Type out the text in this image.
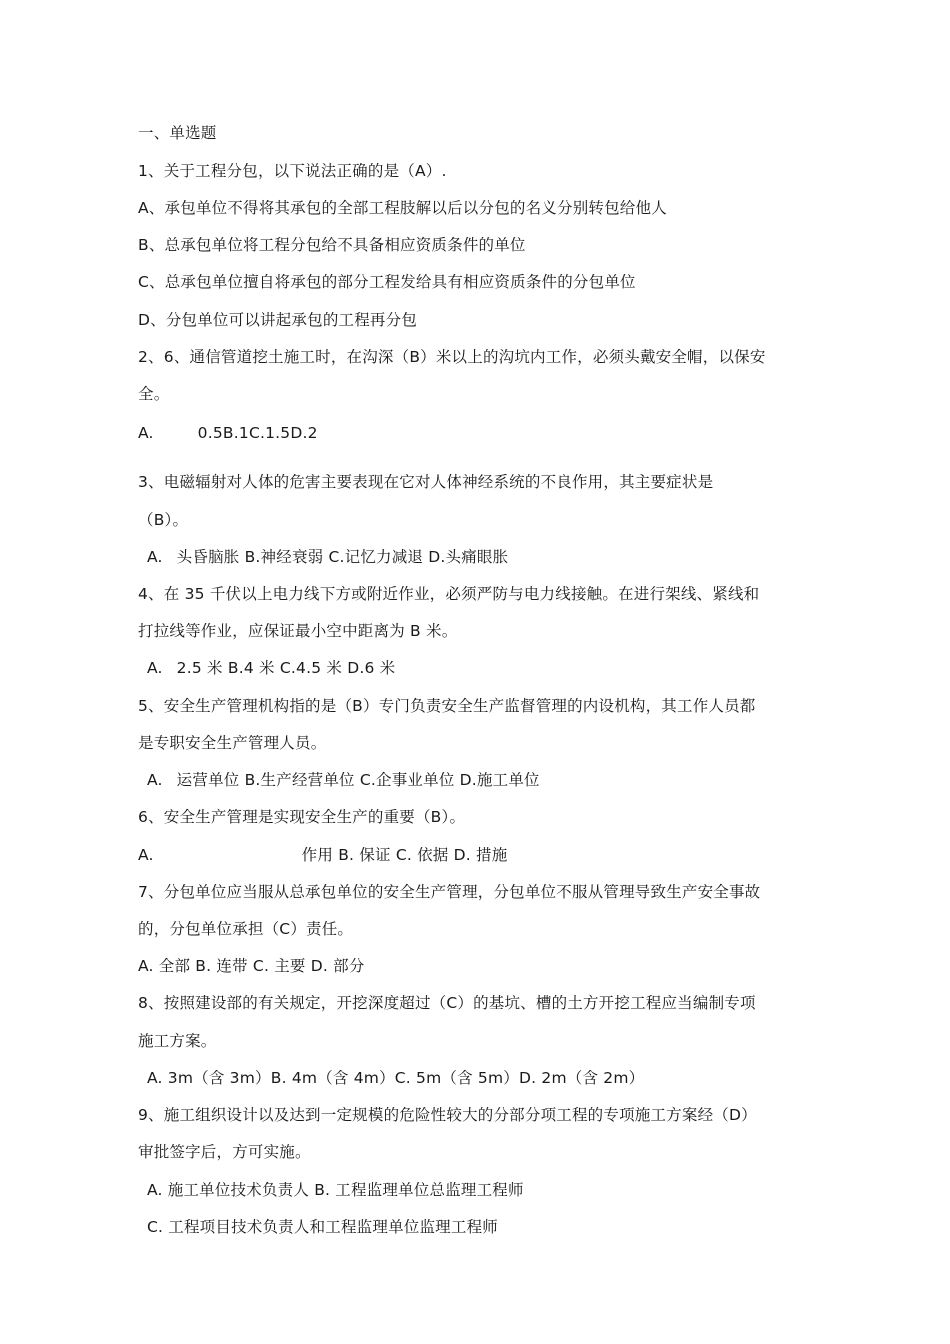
一、单选题
1、关于工程分包，以下说法正确的是（A）.
A、承包单位不得将其承包的全部工程肢解以后以分包的名义分别转包给他人
B、总承包单位将工程分包给不具备相应资质条件的单位
C、总承包单位擅自将承包的部分工程发给具有相应资质条件的分包单位
D、分包单位可以讲起承包的工程再分包
2、6、通信管道挖土施工时，在沟深（B）米以上的沟坑内工作，必须头戴安全帽，以保安
全。
A.	0.5B.1C.1.5D.2
3、电磁辐射对人体的危害主要表现在它对人体神经系统的不良作用，其主要症状是
（B）。
A. 头昏脑胀 B.神经衰弱 C.记忆力减退 D.头痛眼胀
4、在 35 千伏以上电力线下方或附近作业，必须严防与电力线接触。在进行架线、紧线和
打拉线等作业，应保证最小空中距离为 B 米。
A. 2.5 米 B.4 米 C.4.5 米 D.6 米
5、安全生产管理机构指的是（B）专门负责安全生产监督管理的内设机构，其工作人员都
是专职安全生产管理人员。
A. 运营单位 B.生产经营单位 C.企事业单位 D.施工单位
6、安全生产管理是实现安全生产的重要（B）。
A.	作用 B. 保证 C. 依据 D. 措施
7、分包单位应当服从总承包单位的安全生产管理，分包单位不服从管理导致生产安全事故
的，分包单位承担（C）责任。
A. 全部 B. 连带 C. 主要 D. 部分
8、按照建设部的有关规定，开挖深度超过（C）的基坑、槽的土方开挖工程应当编制专项
施工方案。
A. 3m（含 3m）B. 4m（含 4m）C. 5m（含 5m）D. 2m（含 2m）
9、施工组织设计以及达到一定规模的危险性较大的分部分项工程的专项施工方案经（D）
审批签字后，方可实施。
A. 施工单位技术负责人 B. 工程监理单位总监理工程师
C. 工程项目技术负责人和工程监理单位监理工程师
